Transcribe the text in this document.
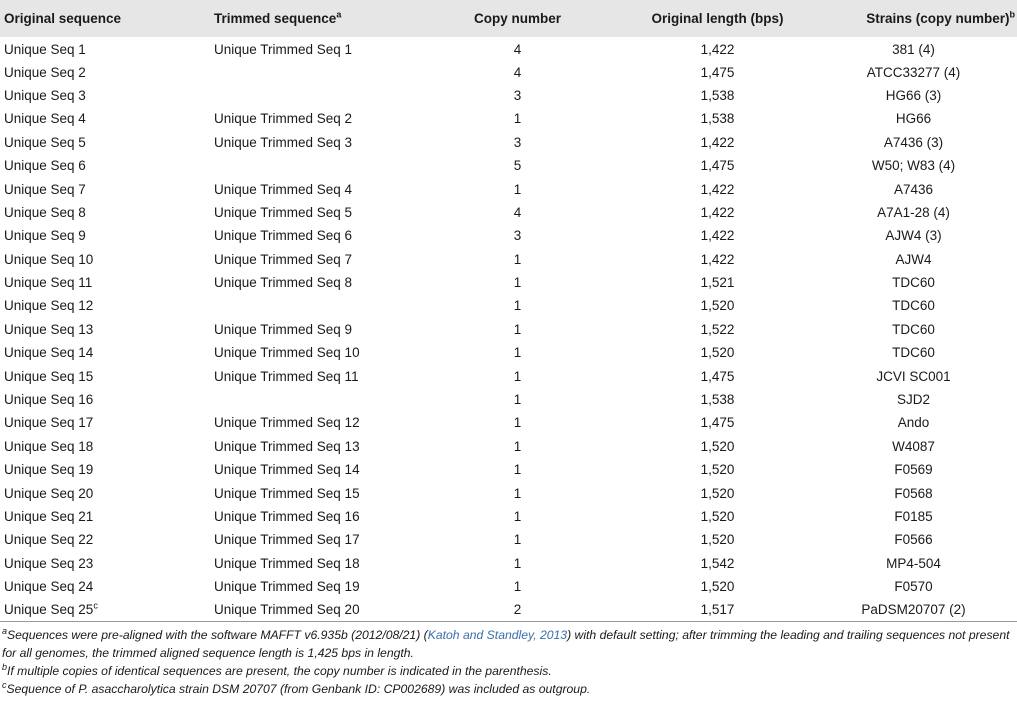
Original sequence	Trimmed sequence$^a$	Copy number	Original length (bps)	Strains (copy number)$^b$
Unique Seq 1	Unique Trimmed Seq 1	4	1,422	381 (4)
Unique Seq 2		4	1,475	ATCC33277 (4)
Unique Seq 3		3	1,538	HG66 (3)
Unique Seq 4	Unique Trimmed Seq 2	1	1,538	HG66
Unique Seq 5	Unique Trimmed Seq 3	3	1,422	A7436 (3)
Unique Seq 6		5	1,475	W50; W83 (4)
Unique Seq 7	Unique Trimmed Seq 4	1	1,422	A7436
Unique Seq 8	Unique Trimmed Seq 5	4	1,422	A7A1-28 (4)
Unique Seq 9	Unique Trimmed Seq 6	3	1,422	AJW4 (3)
Unique Seq 10	Unique Trimmed Seq 7	1	1,422	AJW4
Unique Seq 11	Unique Trimmed Seq 8	1	1,521	TDC60
Unique Seq 12		1	1,520	TDC60
Unique Seq 13	Unique Trimmed Seq 9	1	1,522	TDC60
Unique Seq 14	Unique Trimmed Seq 10	1	1,520	TDC60
Unique Seq 15	Unique Trimmed Seq 11	1	1,475	JCVI SC001
Unique Seq 16		1	1,538	SJD2
Unique Seq 17	Unique Trimmed Seq 12	1	1,475	Ando
Unique Seq 18	Unique Trimmed Seq 13	1	1,520	W4087
Unique Seq 19	Unique Trimmed Seq 14	1	1,520	F0569
Unique Seq 20	Unique Trimmed Seq 15	1	1,520	F0568
Unique Seq 21	Unique Trimmed Seq 16	1	1,520	F0185
Unique Seq 22	Unique Trimmed Seq 17	1	1,520	F0566
Unique Seq 23	Unique Trimmed Seq 18	1	1,542	MP4-504
Unique Seq 24	Unique Trimmed Seq 19	1	1,520	F0570
Unique Seq 25$^c$	Unique Trimmed Seq 20	2	1,517	PaDSM20707 (2)

$^a$Sequences were pre-aligned with the software MAFFT v6.935b (2012/08/21) (Katoh and Standley, 2013) with default setting; after trimming the leading and trailing sequences not present for all genomes, the trimmed aligned sequence length is 1,425 bps in length.

$^b$If multiple copies of identical sequences are present, the copy number is indicated in the parenthesis.

$^c$Sequence of P. asaccharolytica strain DSM 20707 (from Genbank ID: CP002689) was included as outgroup.
